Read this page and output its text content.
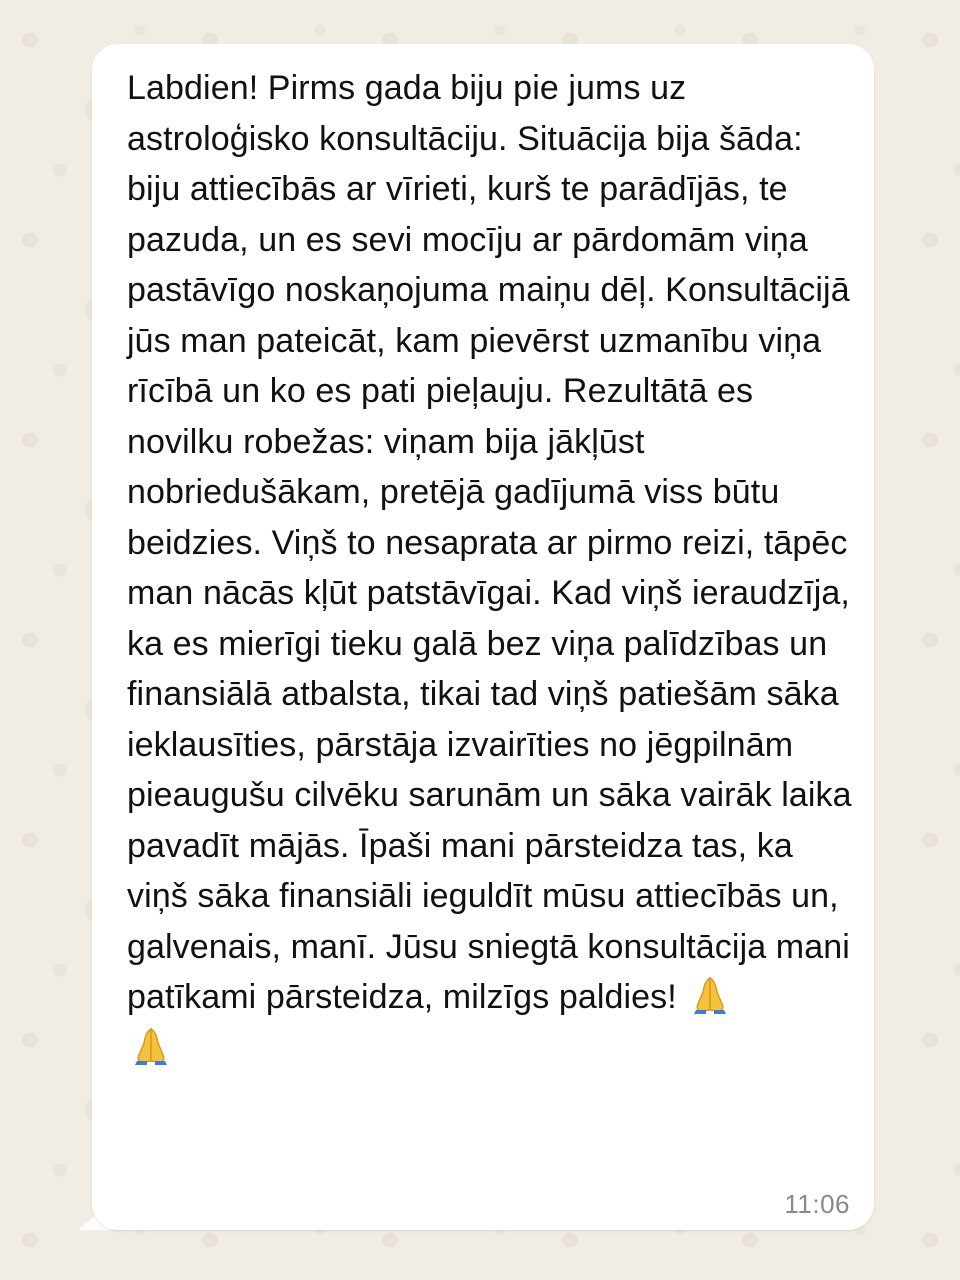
Labdien! Pirms gada biju pie jums uz astroloģisko konsultāciju. Situācija bija šāda: biju attiecībās ar vīrieti, kurš te parādījās, te pazuda, un es sevi mocīju ar pārdomām viņa pastāvīgo noskaņojuma maiņu dēļ. Konsultācijā jūs man pateicāt, kam pievērst uzmanību viņa rīcībā un ko es pati pieļauju. Rezultātā es novilku robežas: viņam bija jākļūst nobriedušākam, pretējā gadījumā viss būtu beidzies. Viņš to nesaprata ar pirmo reizi, tāpēc man nācās kļūt patstāvīgai. Kad viņš ieraudzīja, ka es mierīgi tieku galā bez viņa palīdzības un finansiālā atbalsta, tikai tad viņš patiešām sāka ieklausīties, pārstāja izvairīties no jēgpilnām pieaugušu cilvēku sarunām un sāka vairāk laika pavadīt mājās. Īpaši mani pārsteidza tas, ka viņš sāka finansiāli ieguldīt mūsu attiecībās un, galvenais, manī. Jūsu sniegtā konsultācija mani patīkami pārsteidza, milzīgs paldies!

11:06
